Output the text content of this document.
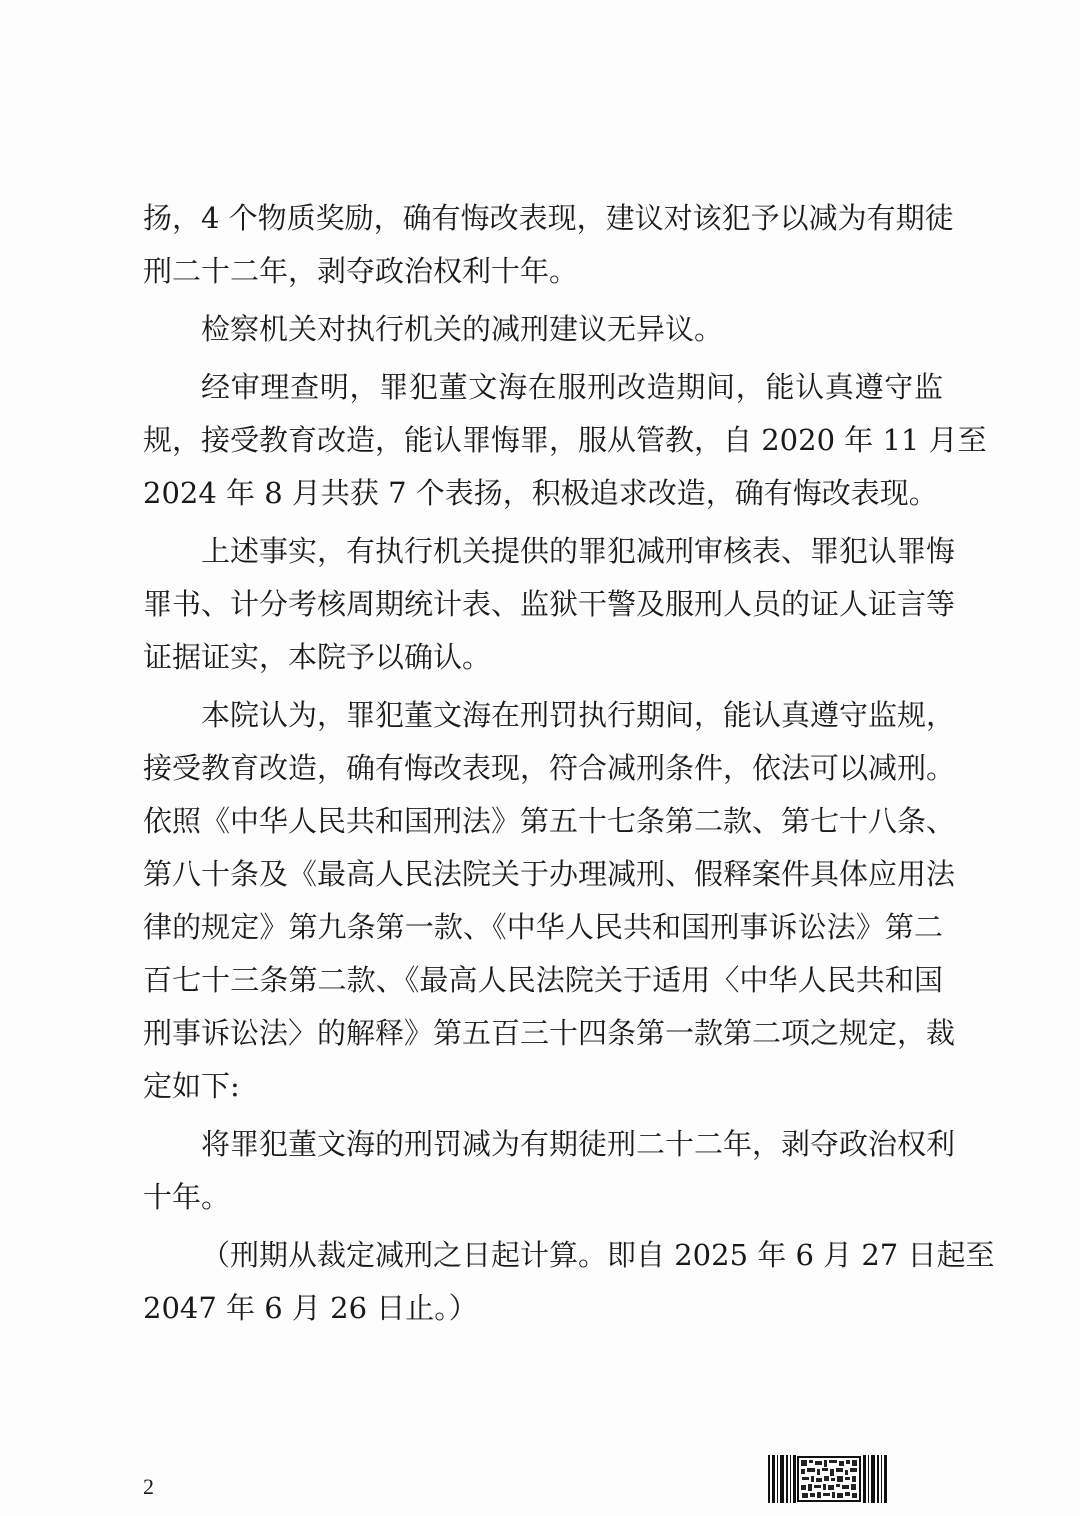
扬，4 个物质奖励，确有悔改表现，建议对该犯予以减为有期徒
刑二十二年，剥夺政治权利十年。
检察机关对执行机关的减刑建议无异议。
经审理查明，罪犯董文海在服刑改造期间，能认真遵守监
规，接受教育改造，能认罪悔罪，服从管教，自 2020 年 11 月至
2024 年 8 月共获 7 个表扬，积极追求改造，确有悔改表现。
上述事实，有执行机关提供的罪犯减刑审核表、罪犯认罪悔
罪书、计分考核周期统计表、监狱干警及服刑人员的证人证言等
证据证实，本院予以确认。
本院认为，罪犯董文海在刑罚执行期间，能认真遵守监规，
接受教育改造，确有悔改表现，符合减刑条件，依法可以减刑。
依照《中华人民共和国刑法》第五十七条第二款、第七十八条、
第八十条及《最高人民法院关于办理减刑、假释案件具体应用法
律的规定》第九条第一款、《中华人民共和国刑事诉讼法》第二
百七十三条第二款、《最高人民法院关于适用〈中华人民共和国
刑事诉讼法〉的解释》第五百三十四条第一款第二项之规定，裁
定如下:
将罪犯董文海的刑罚减为有期徒刑二十二年，剥夺政治权利
十年。
（刑期从裁定减刑之日起计算。即自 2025 年 6 月 27 日起至
2047 年 6 月 26 日止。）
2
